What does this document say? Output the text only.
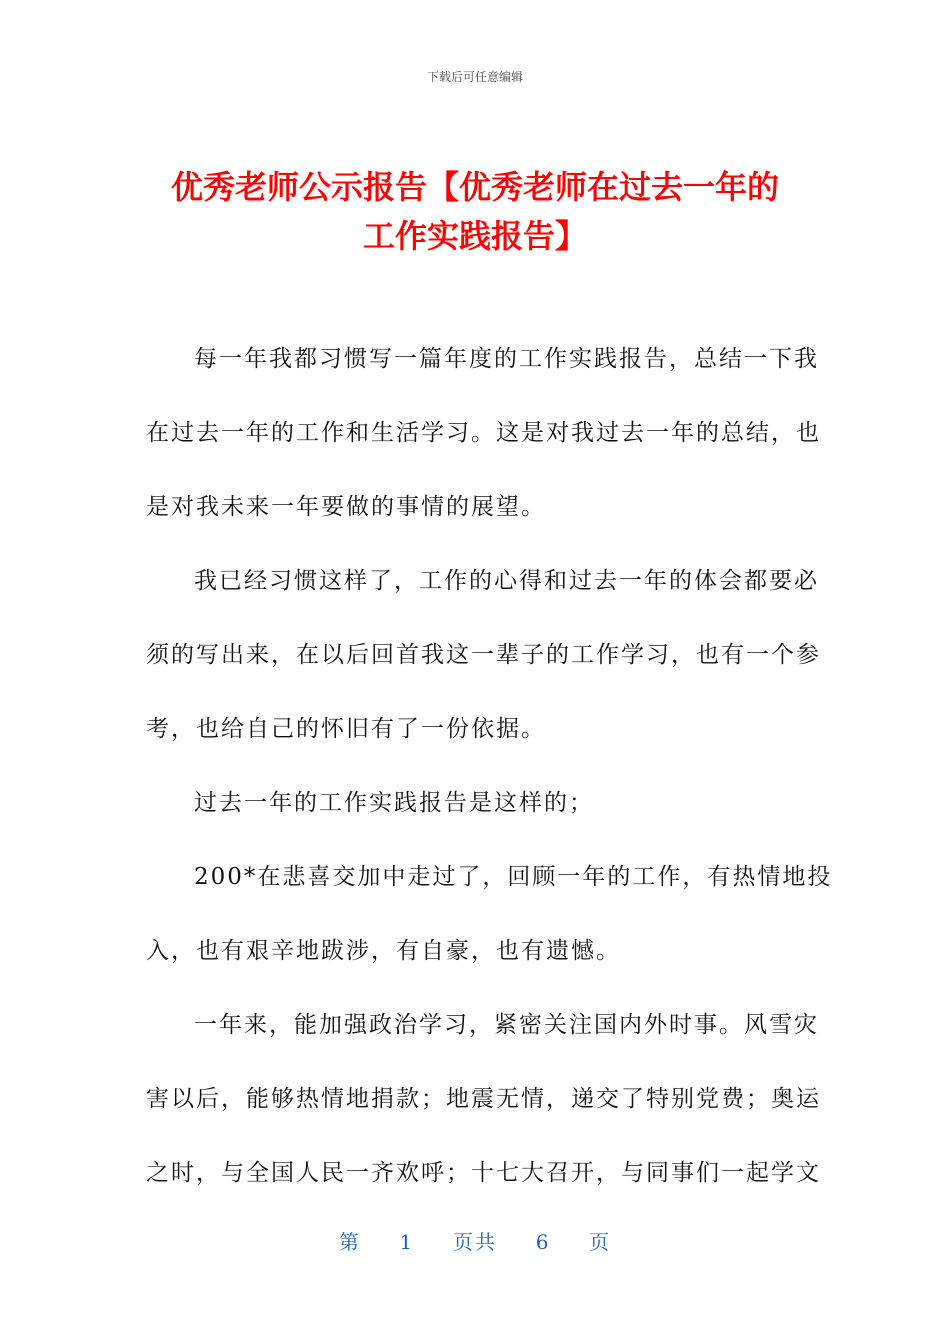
下载后可任意编辑
优秀老师公示报告【优秀老师在过去一年的
工作实践报告】

每一年我都习惯写一篇年度的工作实践报告，总结一下我
在过去一年的工作和生活学习。这是对我过去一年的总结，也
是对我未来一年要做的事情的展望。

我已经习惯这样了，工作的心得和过去一年的体会都要必
须的写出来，在以后回首我这一辈子的工作学习，也有一个参
考，也给自己的怀旧有了一份依据。

过去一年的工作实践报告是这样的；

200*在悲喜交加中走过了，回顾一年的工作，有热情地投
入，也有艰辛地跋涉，有自豪，也有遗憾。

一年来，能加强政治学习，紧密关注国内外时事。风雪灾
害以后，能够热情地捐款；地震无情，递交了特别党费；奥运
之时，与全国人民一齐欢呼；十七大召开，与同事们一起学文

第 1 页共 6 页
